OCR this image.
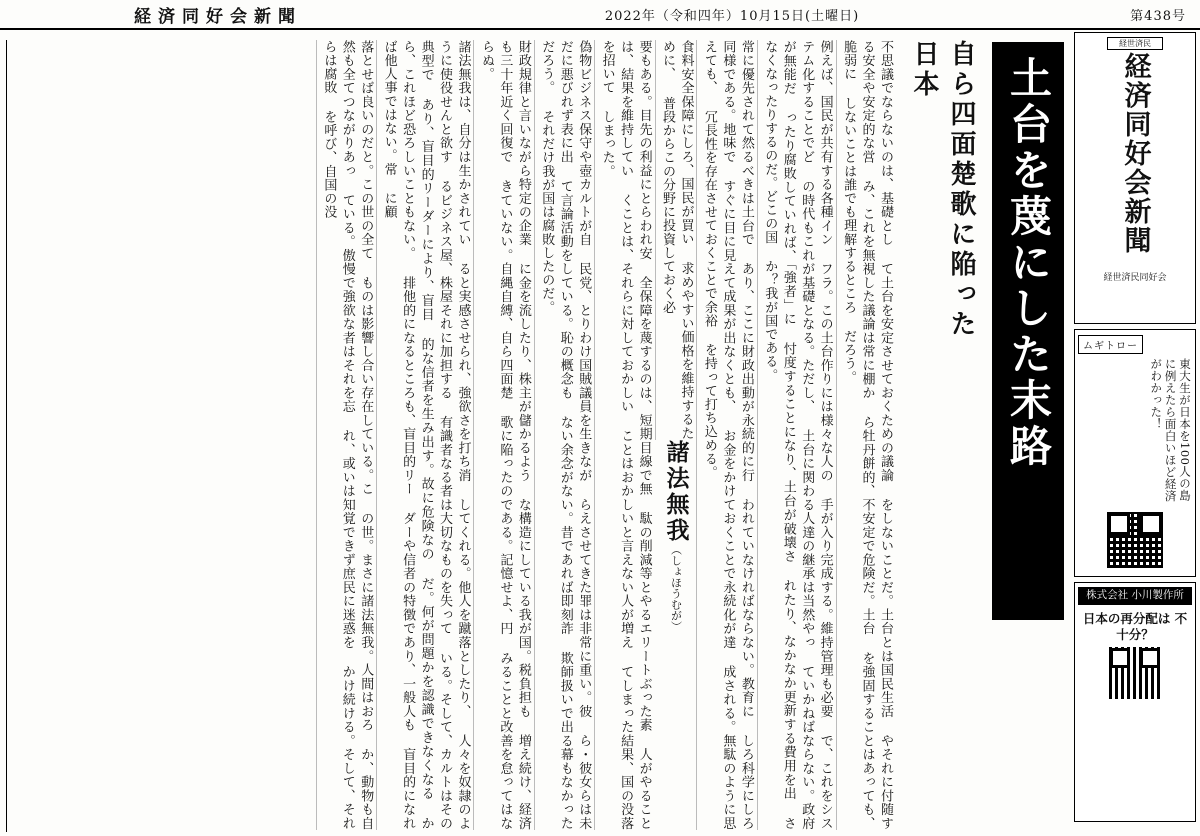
経済同好会新聞	2022年（令和四年）10月15日(土曜日)	第438号
経世済民
経済同好会新聞
経世済民同好会
ムギトロー
東大生が日本を100人の島に例えたら面白いほど経済がわかった！
株式会社 小川製作所
日本の再分配は 不十分？
土台を蔑にした末路
自ら四面楚歌に陥った日本
不思議でならないのは、基礎とし て土台を安定させておくための議論 をしないことだ。土台とは国民生活 やそれに付随する安全や安定的な営 み、これを無視した議論は常に棚か ら牡丹餅的、不安定で危険だ。土台 を強固することはあっても、脆弱に しないことは誰でも理解するところ だろう。
例えば、国民が共有する各種イン フラ。この土台作りには様々な人の 手が入り完成する。維持管理も必要 で、これをシステム化することでど の時代もこれが基礎となる。ただし、 土台に関わる人達の継承は当然やっ ていかねばならない。政府が無能だ ったり腐敗していれば、「強者」に 忖度することになり、土台が破壊さ れたり、なかなか更新する費用を出 さなくなったりするのだ。どこの国 か？我が国である。
常に優先されて然るべきは土台で あり、ここに財政出動が永続的に行 われていなければならない。教育に しろ科学にしろ同様である。地味で すぐに目に見えて成果が出なくとも、 お金をかけておくことで永続化が達 成される。無駄のように思えても、 冗長性を存在させておくことで余裕 を持って打ち込める。
食料安全保障にしろ、国民が買い 求めやすい価格を維持するために、 普段からこの分野に投資しておく必
諸法無我（しょほうむが）
要もある。目先の利益にとらわれ安 全保障を蔑するのは、短期目線で無 駄の削減等とやるエリートぶった素 人がやることは、結果を維持してい くことは、それらに対しておかしい ことはおかしいと言えない人が増え てしまった結果、国の没落を招いて しまった。
偽物ビジネス保守や壺カルトが自 民党、とりわけ国賊議員を生きなが らえさせてきた罪は非常に重い。彼 ら・彼女らは未だに悪びれず表に出 て言論活動をしている。恥の概念も ない余念がない。昔であれば即刻詐 欺師扱いで出る幕もなかっただろう。 それだけ我が国は腐敗したのだ。
財政規律と言いながら特定の企業 に金を流したり、株主が儲かるよう な構造にしている我が国。税負担も 増え続け、経済も三十年近く回復で きていない。自縄自縛、自ら四面楚 歌に陥ったのである。記憶せよ、円 みることと改善を怠ってはならぬ。
諸法無我は、自分は生かされてい ると実感させられ、強欲さを打ち消 してくれる。他人を蹴落としたり、 人々を奴隷のように使役せんと欲す るビジネス屋、株屋それに加担する 有識者なる者は大切なものを失って いる。そして、カルトはその典型で あり、盲目的リーダーにより、盲目 的な信者を生み出す。故に危険なの だ。何が問題かを認識できなくなる から、これほど恐ろしいこともない。 排他的になるところも、盲目的リー ダーや信者の特徴であり、一般人も 盲目的になれば他人事ではない。常 に顧
落とせば良いのだと。この世の全て ものは影響し合い存在している。こ の世。まさに諸法無我。人間はおろ か、動物も自然も全てつながりあっ ている。傲慢で強欲な者はそれを忘 れ、或いは知覚できず庶民に迷惑を かけ続ける。そして、それらは腐敗 を呼び、自国の没
